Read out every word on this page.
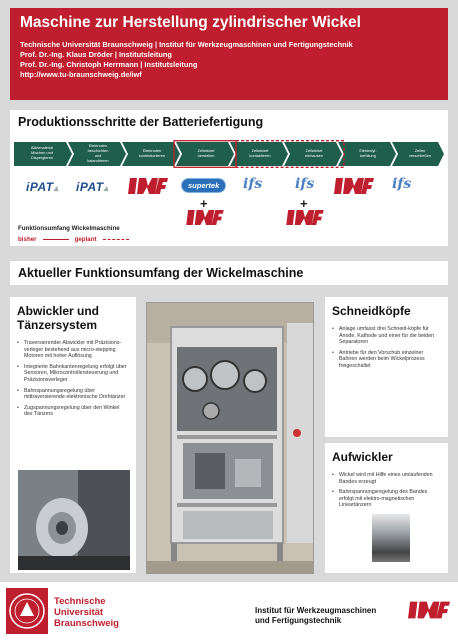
Maschine zur Herstellung zylindrischer Wickel
Technische Universität Braunschweig | Institut für Werkzeugmaschinen und Fertigungstechnik
Prof. Dr.-Ing. Klaus Dröder | Institutsleitung
Prof. Dr.-Ing. Christoph Herrmann | Institutsleitung
http://www.tu-braunschweig.de/iwf
Produktionsschritte der Batteriefertigung
Aktivmaterial
Mischen und
Dispergieren
Elektroden
beschichten
und
kalandrieren
Elektroden
konfektionieren
Zellwickel
herstellen
Zellwickel
kontaktieren
Zellwickel
einhausen
Elektrolyt-
befüllung
Zellen
verschließen
iPAT▴ iPAT▴	supertek	ifs ifs	ifs
+	+
Funktionsumfang Wickelmaschine
bisher	geplant
Aktueller Funktionsumfang der Wickelmaschine
Abwickler und Tänzersystem
• Traversierender Abwickler mit Präzisions-verleger bestehend aus micro-stepping Motoren mit hoher Auflösung
• Integrierte Bahnkantenregelung erfolgt über Sensoren, Mikrocontrollersteuerung und Präzisionsverleger
• Bahnspannungsregelung über mittraversierende elektronische Drehtänzer
• Zugspannungsregelung über den Winkel des Tänzers
Schneidköpfe
• Anlage umfasst drei Schneid-köpfe für Anode, Kathode und einer für die beiden Separatoren
• Antriebe für den Vorschub einzelner Bahnen werden beim Wickelprozess freigeschaltet
Aufwickler
• Wickel wird mit Hilfe eines umlaufenden Bandes erzeugt
• Bahnspannungsregelung des Bandes erfolgt mit elektro-magnetischen Lineartänzern
Technische
Universität
Braunschweig
Institut für Werkzeugmaschinen
und Fertigungstechnik
